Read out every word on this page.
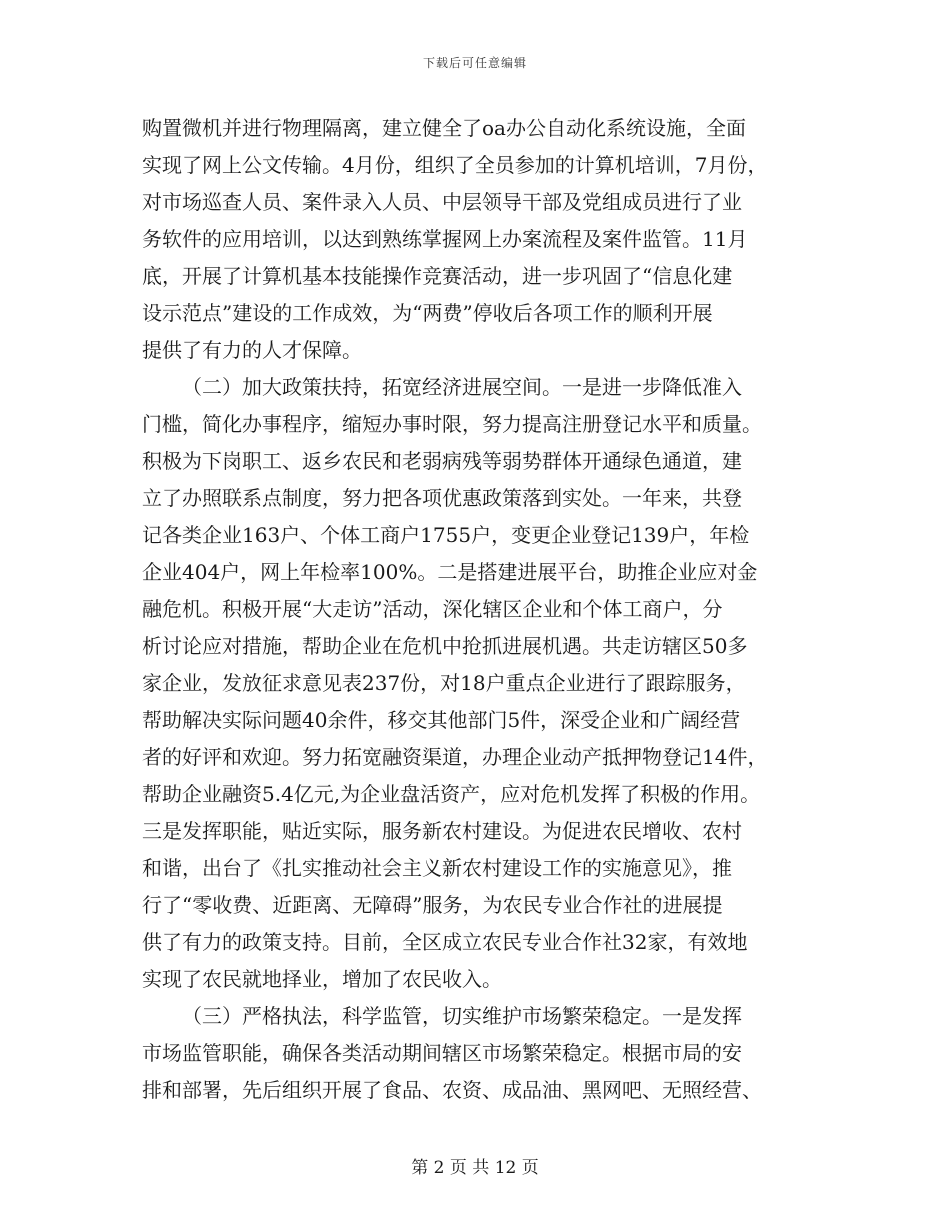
下载后可任意编辑
购置微机并进行物理隔离，建立健全了oa办公自动化系统设施，全面
实现了网上公文传输。4月份，组织了全员参加的计算机培训，7月份，
对市场巡查人员、案件录入人员、中层领导干部及党组成员进行了业
务软件的应用培训，以达到熟练掌握网上办案流程及案件监管。11月
底，开展了计算机基本技能操作竞赛活动，进一步巩固了“信息化建
设示范点”建设的工作成效，为“两费”停收后各项工作的顺利开展
提供了有力的人才保障。
（二）加大政策扶持，拓宽经济进展空间。一是进一步降低准入
门槛，简化办事程序，缩短办事时限，努力提高注册登记水平和质量。
积极为下岗职工、返乡农民和老弱病残等弱势群体开通绿色通道，建
立了办照联系点制度，努力把各项优惠政策落到实处。一年来，共登
记各类企业163户、个体工商户1755户，变更企业登记139户，年检
企业404户，网上年检率100%。二是搭建进展平台，助推企业应对金
融危机。积极开展“大走访”活动，深化辖区企业和个体工商户，分
析讨论应对措施，帮助企业在危机中抢抓进展机遇。共走访辖区50多
家企业，发放征求意见表237份，对18户重点企业进行了跟踪服务，
帮助解决实际问题40余件，移交其他部门5件，深受企业和广阔经营
者的好评和欢迎。努力拓宽融资渠道，办理企业动产抵押物登记14件，
帮助企业融资5.4亿元,为企业盘活资产，应对危机发挥了积极的作用。
三是发挥职能，贴近实际，服务新农村建设。为促进农民增收、农村
和谐，出台了《扎实推动社会主义新农村建设工作的实施意见》，推
行了“零收费、近距离、无障碍”服务，为农民专业合作社的进展提
供了有力的政策支持。目前，全区成立农民专业合作社32家，有效地
实现了农民就地择业，增加了农民收入。
（三）严格执法，科学监管，切实维护市场繁荣稳定。一是发挥
市场监管职能，确保各类活动期间辖区市场繁荣稳定。根据市局的安
排和部署，先后组织开展了食品、农资、成品油、黑网吧、无照经营、
第 2 页 共 12 页
